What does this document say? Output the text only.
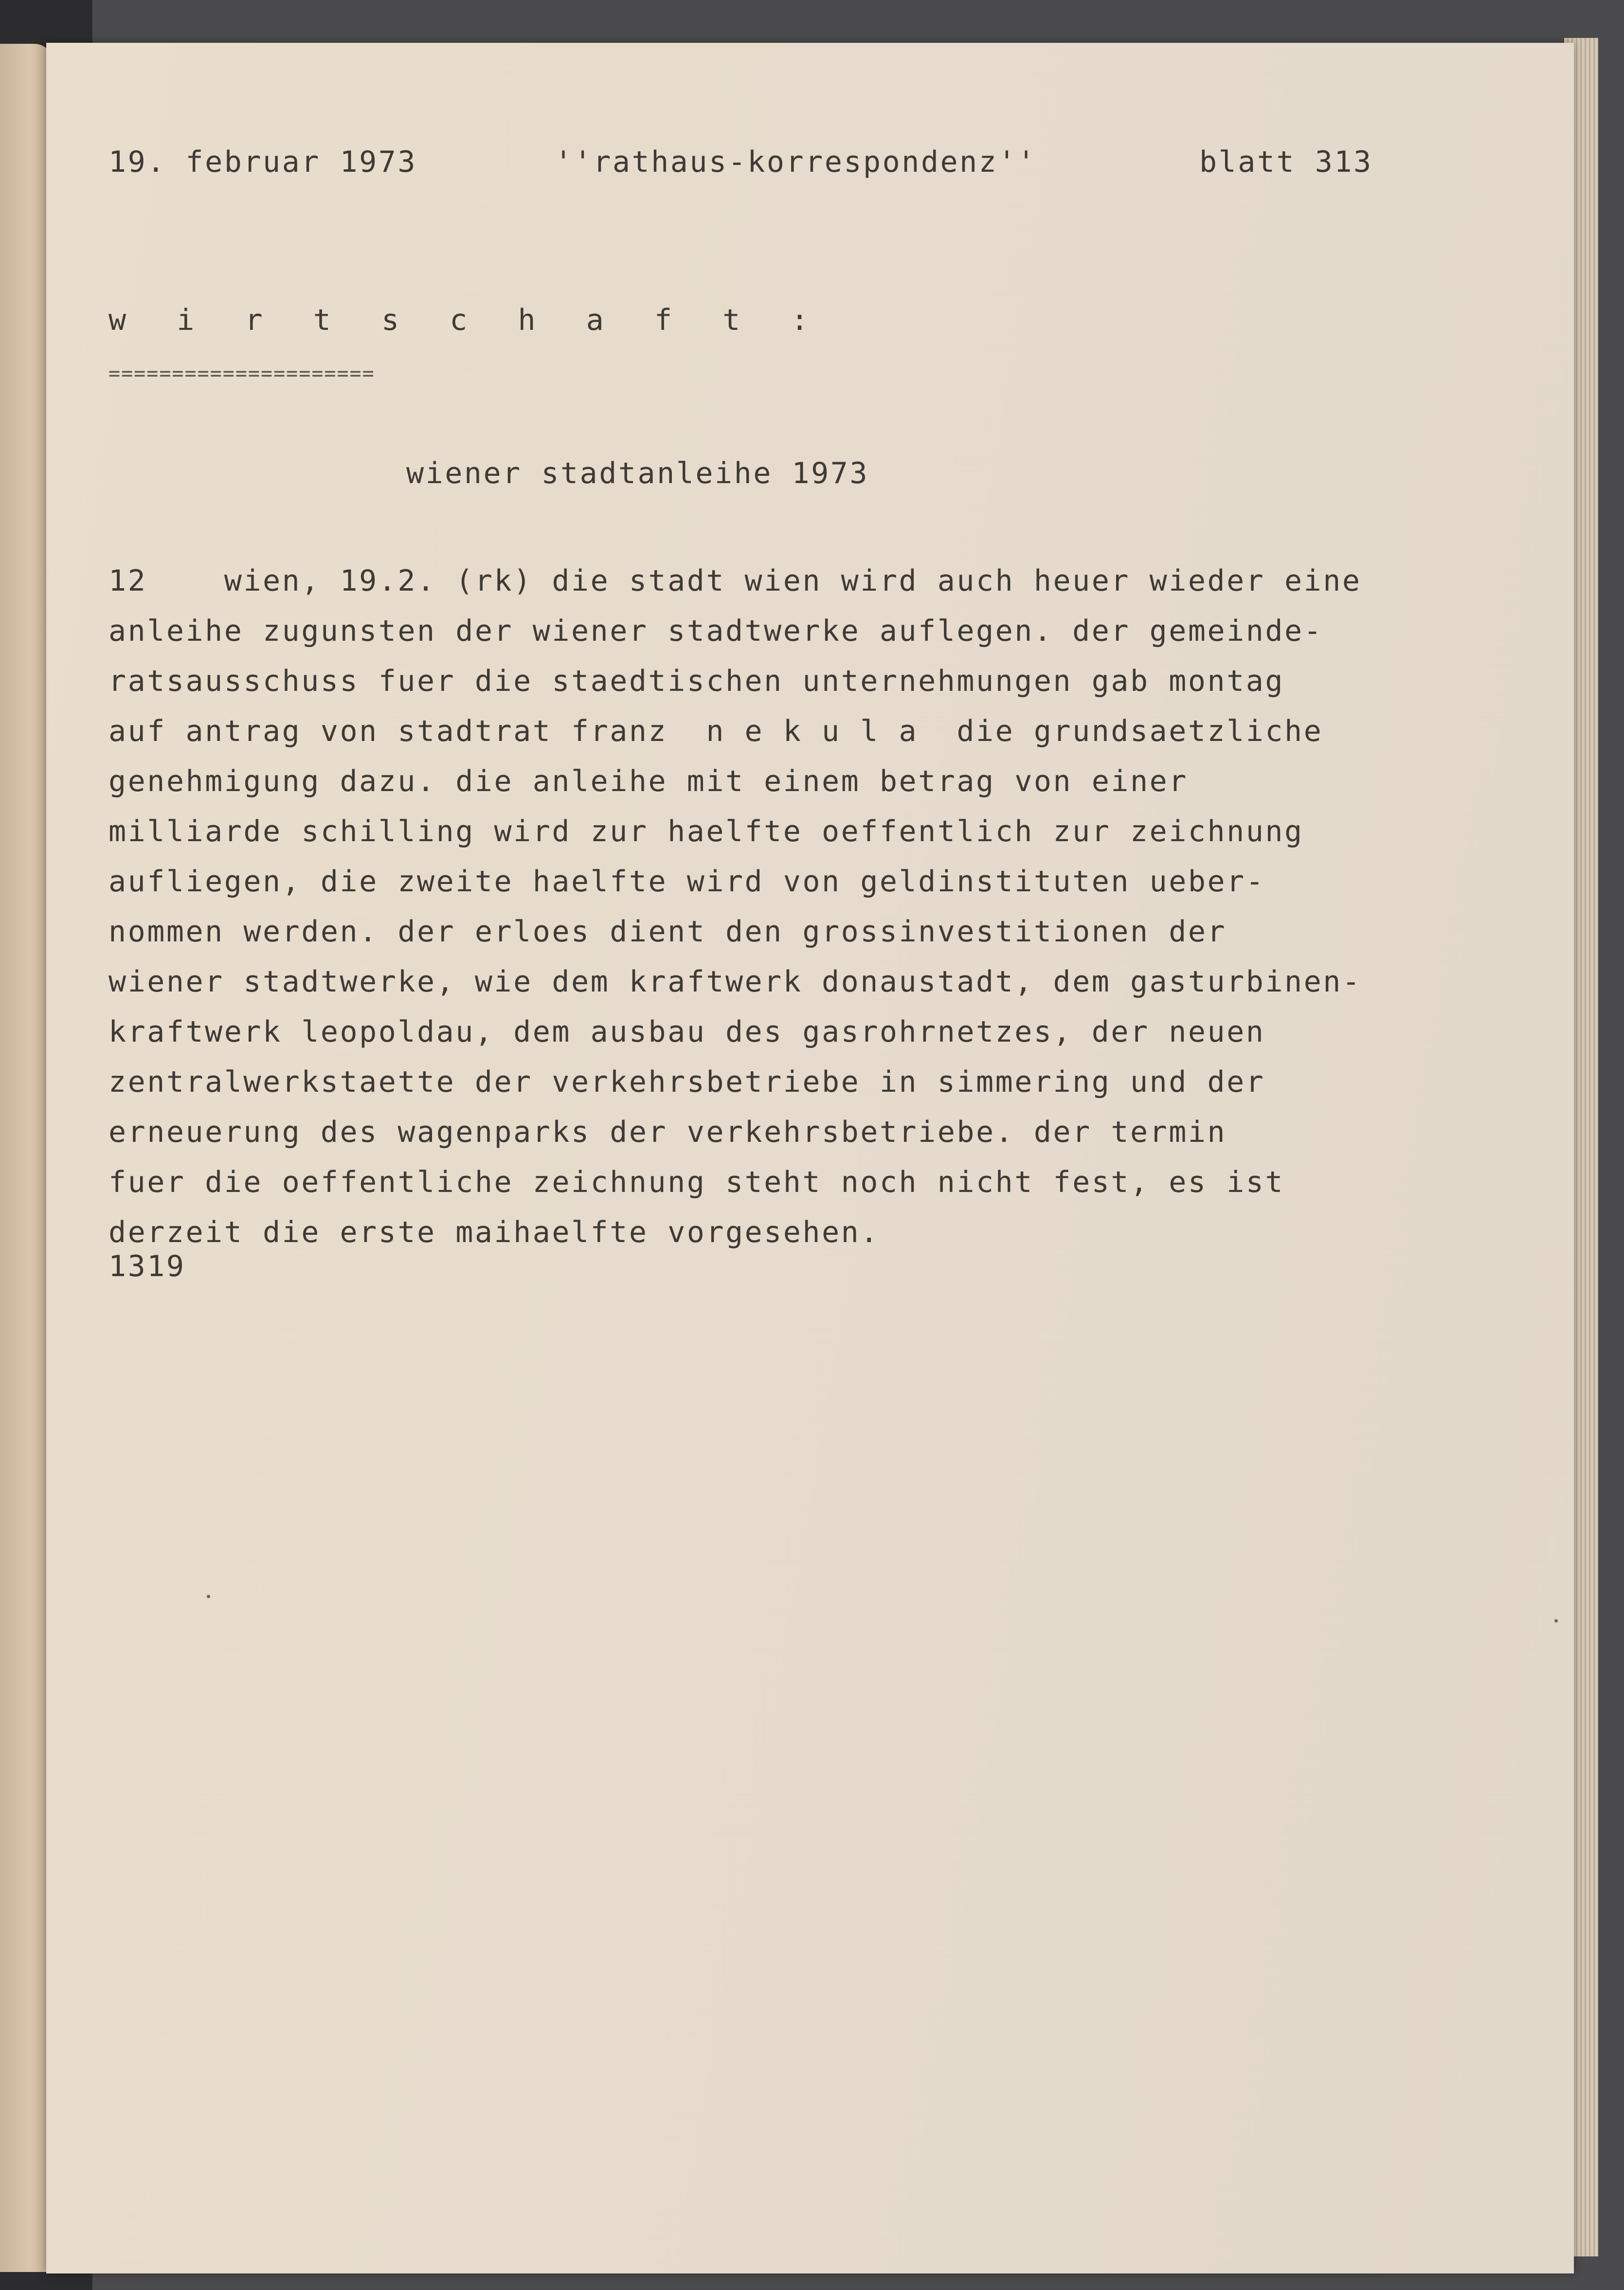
19. februar 1973	''rathaus-korrespondenz''	blatt 313
w i r t s c h a f t :
=====================
wiener stadtanleihe 1973
12    wien, 19.2. (rk) die stadt wien wird auch heuer wieder eine
anleihe zugunsten der wiener stadtwerke auflegen. der gemeinde-
ratsausschuss fuer die staedtischen unternehmungen gab montag
auf antrag von stadtrat franz  n e k u l a  die grundsaetzliche
genehmigung dazu. die anleihe mit einem betrag von einer
milliarde schilling wird zur haelfte oeffentlich zur zeichnung
aufliegen, die zweite haelfte wird von geldinstituten ueber-
nommen werden. der erloes dient den grossinvestitionen der
wiener stadtwerke, wie dem kraftwerk donaustadt, dem gasturbinen-
kraftwerk leopoldau, dem ausbau des gasrohrnetzes, der neuen
zentralwerkstaette der verkehrsbetriebe in simmering und der
erneuerung des wagenparks der verkehrsbetriebe. der termin
fuer die oeffentliche zeichnung steht noch nicht fest, es ist
derzeit die erste maihaelfte vorgesehen.
1319
